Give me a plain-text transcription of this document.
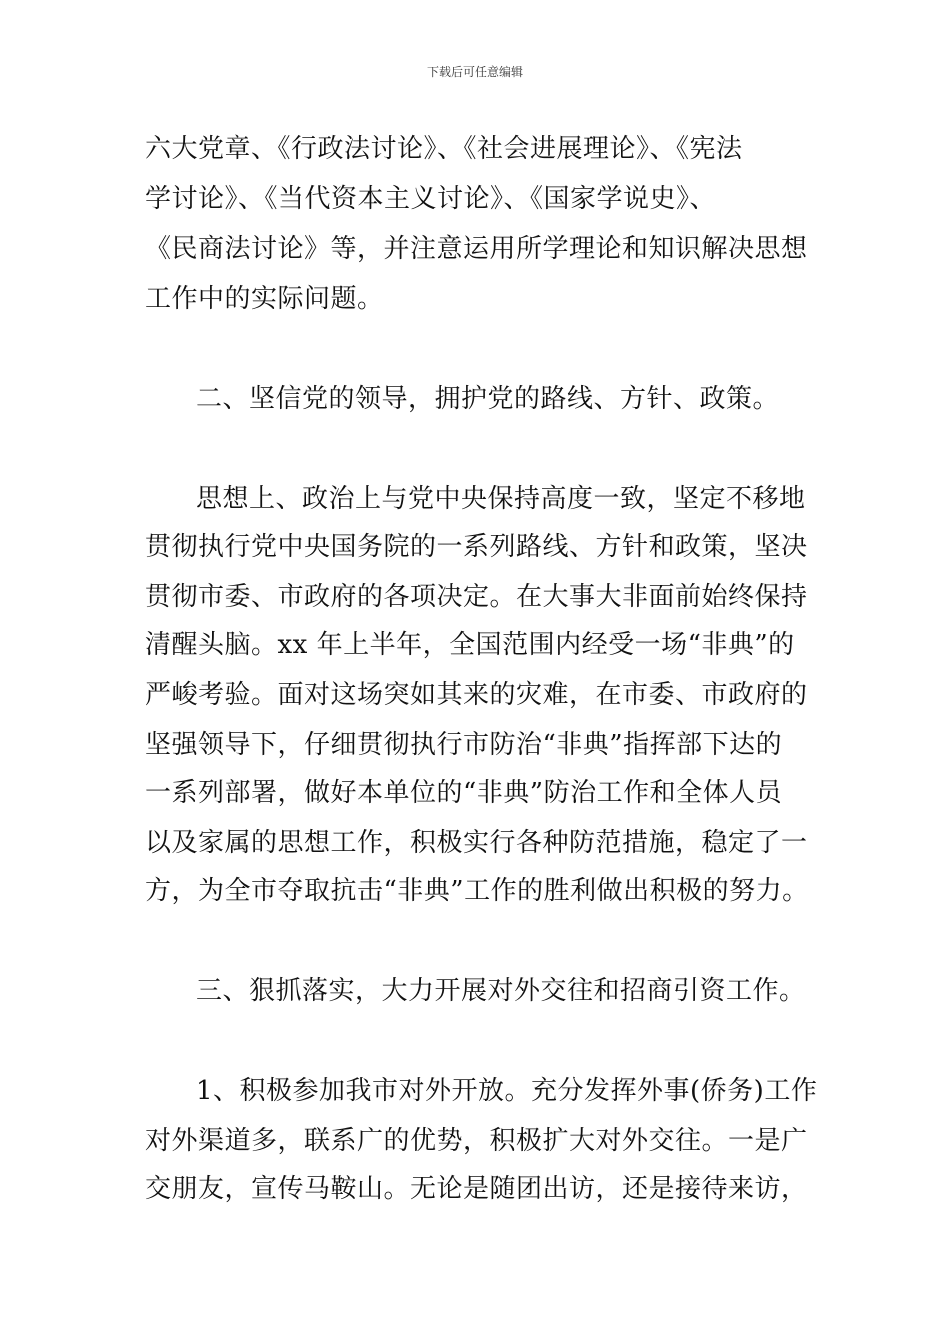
下载后可任意编辑
六大党章、《行政法讨论》、《社会进展理论》、《宪法
学讨论》、《当代资本主义讨论》、《国家学说史》、
《民商法讨论》等，并注意运用所学理论和知识解决思想
工作中的实际问题。
二、坚信党的领导，拥护党的路线、方针、政策。
思想上、政治上与党中央保持高度一致，坚定不移地
贯彻执行党中央国务院的一系列路线、方针和政策，坚决
贯彻市委、市政府的各项决定。在大事大非面前始终保持
清醒头脑。xx 年上半年，全国范围内经受一场“非典”的
严峻考验。面对这场突如其来的灾难，在市委、市政府的
坚强领导下，仔细贯彻执行市防治“非典”指挥部下达的
一系列部署，做好本单位的“非典”防治工作和全体人员
以及家属的思想工作，积极实行各种防范措施，稳定了一
方，为全市夺取抗击“非典”工作的胜利做出积极的努力。
三、狠抓落实，大力开展对外交往和招商引资工作。
1、积极参加我市对外开放。充分发挥外事(侨务)工作
对外渠道多，联系广的优势，积极扩大对外交往。一是广
交朋友，宣传马鞍山。无论是随团出访，还是接待来访，
